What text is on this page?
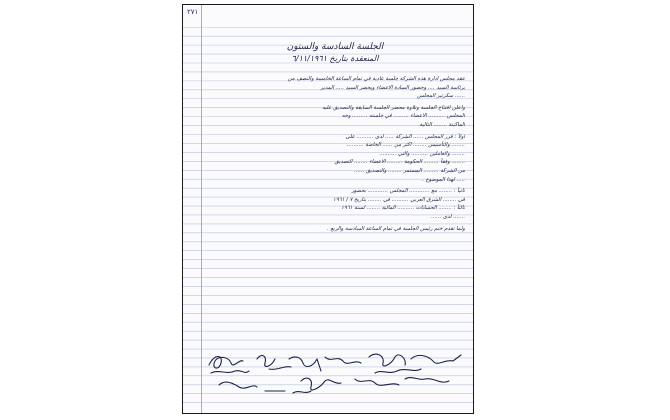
٢٧١

الجلسة السادسة والستون

المنعقدة بتاريخ ٦/١١/١٩٦١

عقد مجلس ادارة هذه الشركة جلسة عادية في تمام الساعة الخامسة والنصف من

برئاسة السيد .... وحضور السادة الاعضاء ويحضر السيد ..... المدير

...... سكرتير المجلس

واعلن افتتاح الجلسة وتلاوة محضر الجلسة السابقة والتصديق عليه

المجلس .......... الاعضاء ......... في جلسته ......... وجه

الماكينة ........ التالية

اولاً : قرر المجلس ...... الشركة ..... لدى .......... على

........ والتأسيس ........ اكثر من ...... الخاصة ..........

........ والعاملين .......... والتي ..........

........ وفقاً ......... الحكومة ......... الاعضاء ........ التصديق

من الشركة ......... المستمر ........ والتصديق ......

..... لهذا الموضوع .

ثانياً : ........ مع ............ المجلس ............ بحضور

في ........ الشرق العربي .......... في ........ بتاريخ ٧ / ١٩٦١

ثالثاً : ........ الحسابات .......... المالية ........ لسنة ١٩٦١

....... لدى ......

ولما تقدم ختم رئيس الجلسة في تمام الساعة السادسة والربع .
